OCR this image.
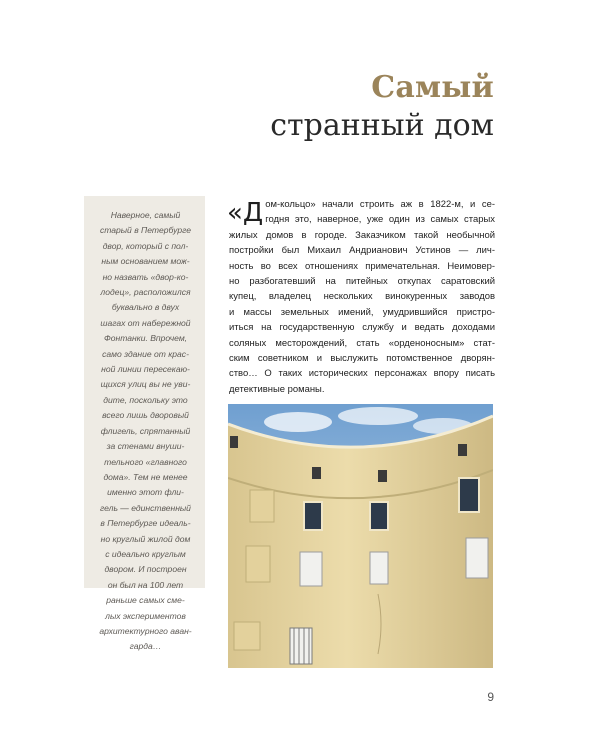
Самый
странный дом

Наверное, самый
старый в Петербурге
двор, который с пол-
ным основанием мож-
но назвать «двор-ко-
лодец», расположился
буквально в двух
шагах от набережной
Фонтанки. Впрочем,
само здание от крас-
ной линии пересекаю-
щихся улиц вы не уви-
дите, поскольку это
всего лишь дворовый
флигель, спрятанный
за стенами внуши-
тельного «главного
дома». Тем не менее
именно этот фли-
гель — единственный
в Петербурге идеаль-
но круглый жилой дом
с идеально круглым
двором. И построен
он был на 100 лет
раньше самых сме-
лых экспериментов
архитектурного аван-
гарда…

«Д ом-кольцо» начали строить аж в 1822-м, и се-
годня это, наверное, уже один из самых старых
жилых домов в городе. Заказчиком такой необычной
постройки был Михаил Андрианович Устинов — лич-
ность во всех отношениях примечательная. Неимовер-
но разбогатевший на питейных откупах саратовский
купец, владелец нескольких винокуренных заводов
и массы земельных имений, умудрившийся пристро-
иться на государственную службу и ведать доходами
соляных месторождений, стать «орденоносным» стат-
ским советником и выслужить потомственное дворян-
ство… О таких исторических персонажах впору писать
детективные романы.
9
